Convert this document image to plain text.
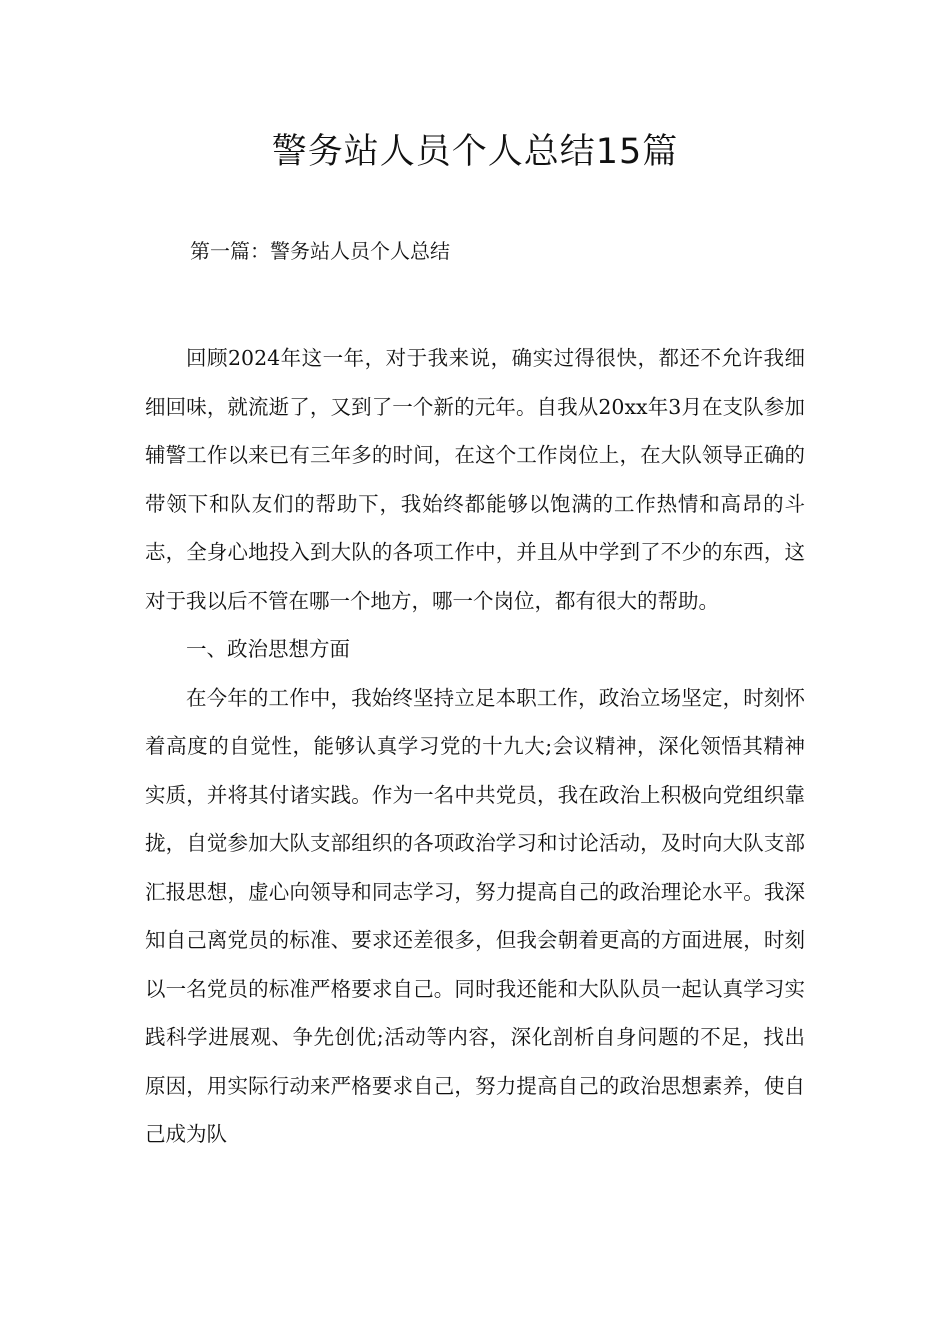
警务站人员个人总结15篇

第一篇：警务站人员个人总结

回顾2024年这一年，对于我来说，确实过得很快，都还不允许我细细回味，就流逝了，又到了一个新的元年。自我从20xx年3月在支队参加辅警工作以来已有三年多的时间，在这个工作岗位上，在大队领导正确的带领下和队友们的帮助下，我始终都能够以饱满的工作热情和高昂的斗志，全身心地投入到大队的各项工作中，并且从中学到了不少的东西，这对于我以后不管在哪一个地方，哪一个岗位，都有很大的帮助。

一、政治思想方面

在今年的工作中，我始终坚持立足本职工作，政治立场坚定，时刻怀着高度的自觉性，能够认真学习党的十九大;会议精神，深化领悟其精神实质，并将其付诸实践。作为一名中共党员，我在政治上积极向党组织靠拢，自觉参加大队支部组织的各项政治学习和讨论活动，及时向大队支部汇报思想，虚心向领导和同志学习，努力提高自己的政治理论水平。我深知自己离党员的标准、要求还差很多，但我会朝着更高的方面进展，时刻以一名党员的标准严格要求自己。同时我还能和大队队员一起认真学习实践科学进展观、争先创优;活动等内容，深化剖析自身问题的不足，找出原因，用实际行动来严格要求自己，努力提高自己的政治思想素养，使自己成为队
